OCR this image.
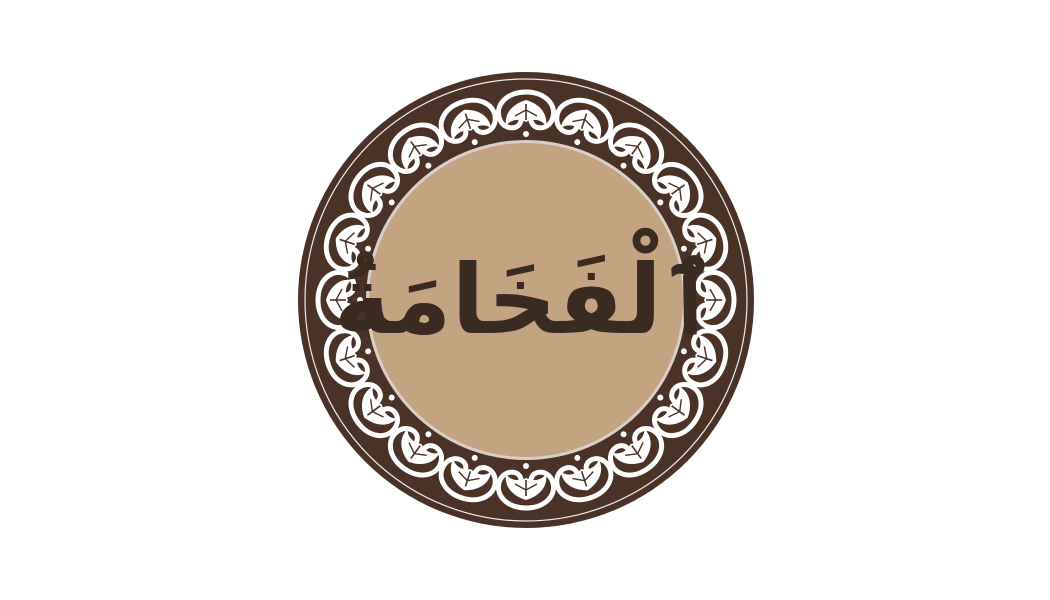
ٱلْفَخَامَةُ
